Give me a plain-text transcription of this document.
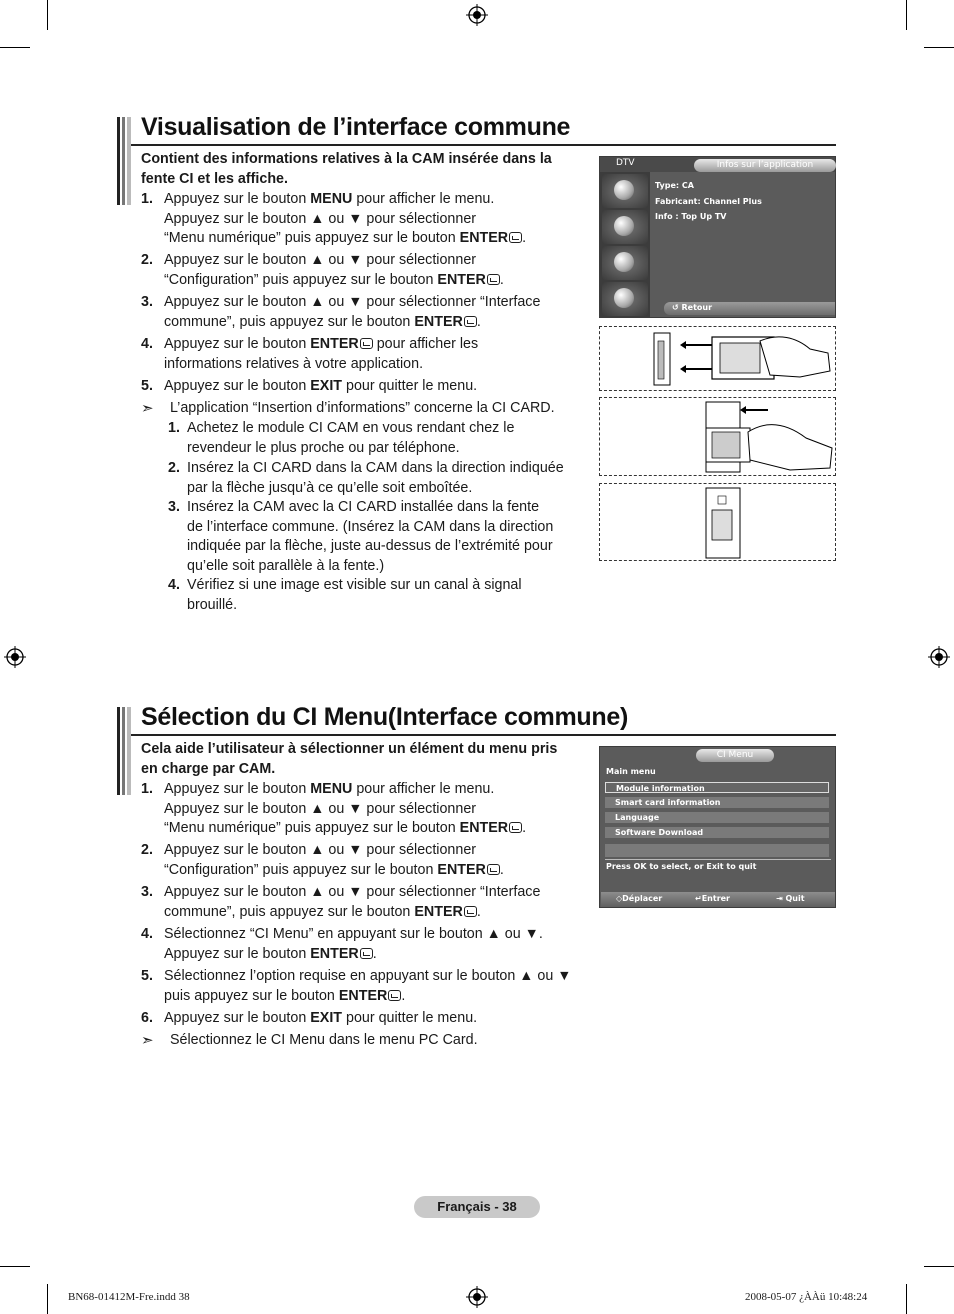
Visualisation de l’interface commune
Contient des informations relatives à la CAM insérée dans la
fente CI et les affiche.
1. Appuyez sur le bouton MENU pour afficher le menu.
Appuyez sur le bouton ▲ ou ▼ pour sélectionner
“Menu numérique” puis appuyez sur le bouton ENTER .
2. Appuyez sur le bouton ▲ ou ▼ pour sélectionner
“Configuration” puis appuyez sur le bouton ENTER .
3. Appuyez sur le bouton ▲ ou ▼ pour sélectionner “Interface
commune”, puis appuyez sur le bouton ENTER .
4. Appuyez sur le bouton ENTER pour afficher les
informations relatives à votre application.
5. Appuyez sur le bouton EXIT pour quitter le menu.
➣ L’application “Insertion d’informations” concerne la CI CARD.
1. Achetez le module CI CAM en vous rendant chez le
revendeur le plus proche ou par téléphone.
2. Insérez la CI CARD dans la CAM dans la direction indiquée
par la flèche jusqu’à ce qu’elle soit emboîtée.
3. Insérez la CAM avec la CI CARD installée dans la fente
de l’interface commune. (Insérez la CAM dans la direction
indiquée par la flèche, juste au-dessus de l’extrémité pour
qu’elle soit parallèle à la fente.)
4. Vérifiez si une image est visible sur un canal à signal
brouillé.
DTV	Infos sur l’application
Type: CA
Fabricant: Channel Plus
Info : Top Up TV
↺ Retour
Sélection du CI Menu(Interface commune)
Cela aide l’utilisateur à sélectionner un élément du menu pris
en charge par CAM.
1. Appuyez sur le bouton MENU pour afficher le menu.
Appuyez sur le bouton ▲ ou ▼ pour sélectionner
“Menu numérique” puis appuyez sur le bouton ENTER .
2. Appuyez sur le bouton ▲ ou ▼ pour sélectionner
“Configuration” puis appuyez sur le bouton ENTER .
3. Appuyez sur le bouton ▲ ou ▼ pour sélectionner “Interface
commune”, puis appuyez sur le bouton ENTER .
4. Sélectionnez “CI Menu” en appuyant sur le bouton ▲ ou ▼.
Appuyez sur le bouton ENTER .
5. Sélectionnez l’option requise en appuyant sur le bouton ▲ ou ▼
puis appuyez sur le bouton ENTER .
6. Appuyez sur le bouton EXIT pour quitter le menu.
➣ Sélectionnez le CI Menu dans le menu PC Card.
CI Menu
Main menu
Module information
Smart card information
Language
Software Download
Press OK to select, or Exit to quit
◇Déplacer	↵Entrer	⇥ Quit
Français - 38
BN68-01412M-Fre.indd 38	2008-05-07 ¿ÀÀü 10:48:24
